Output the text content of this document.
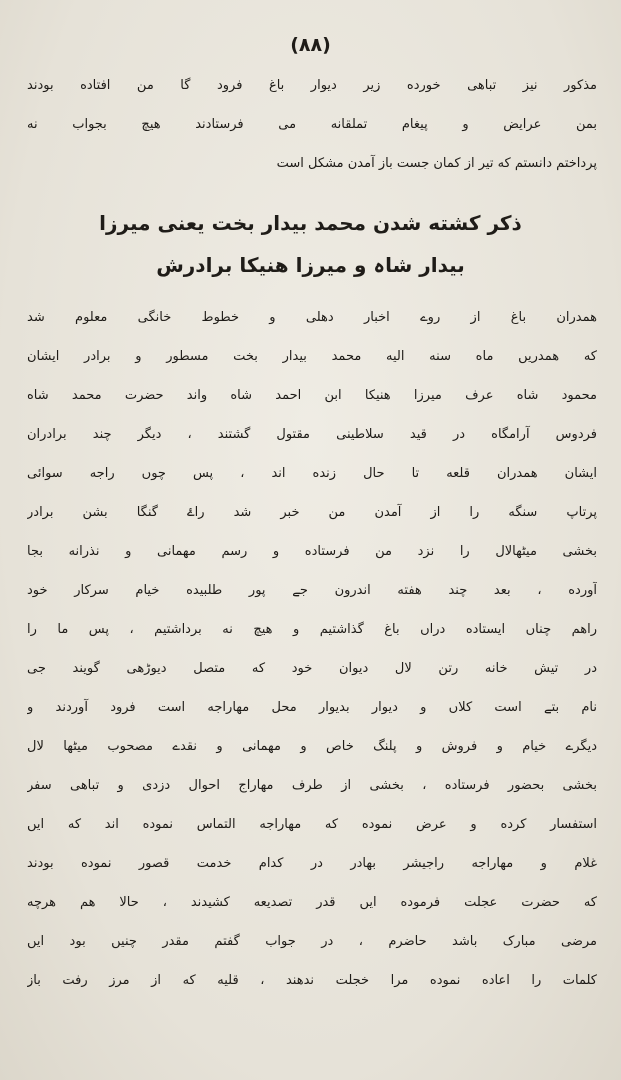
(۸۸)
مذکور نیز تباهی خورده زیر دیوار باغ فرود گا من افتاده بودند
بمن عرایض و پیغام تملقانه می فرستادند هیچ بجواب نه
پرداختم دانستم که تیر از کمان جست باز آمدن مشکل است
ذکر کشته شدن محمد بیدار بخت یعنی میرزا
بیدار شاہ و میرزا هنیکا برادرش
همدران باغ از روے اخبار دهلی و خطوط خانگی معلوم شد
که همدریں ماه سنه الیه محمد بیدار بخت مسطور و برادر ایشان
محمود شاه عرف میرزا هنیکا ابن احمد شاه واند حضرت محمد شاه
فردوس آرامگاه در قید سلاطینی مقتول گشتند ، دیگر چند برادران
ایشان همدران قلعه تا حال زنده اند ، پس چوں راجه سوائی
پرتاپ سنگه را از آمدن من خبر شد راۓ گنگا بشن برادر
بخشی میٹھالال را نزد من فرستاده و رسم مهمانی و نذرانه بجا
آورده ، بعد چند هفته اندرون جے پور طلبیده خیام سرکار خود
راهم چناں ایستاده دراں باغ گذاشتیم و هیچ نه برداشتیم ، پس ما را
در تیش خانه رتن لال دیوان خود که متصل دیوڑهی گویند جی
نام بتے است کلاں و دیوار بدیوار محل مهاراجه است فرود آوردند و
دیگرے خیام و فروش و پلنگ خاص و مهمانی و نقدے مصحوب میٹھا لال
بخشی بحضور فرستاده ، بخشی از طرف مهاراج احوال دزدی و تباهی سفر
استفسار کرده و عرض نموده که مهاراجه التماس نموده اند که ایں
غلام و مهاراجه راجیشر بهادر در کدام خدمت قصور نموده بودند
که حضرت عجلت فرموده ایں قدر تصدیعه کشیدند ، حالا هم هرچه
مرضی مبارک باشد حاضرم ، در جواب گفتم مقدر چنیں بود ایں
کلمات را اعاده نموده مرا خجلت ندهند ، قلیه که از مرز رفت باز
